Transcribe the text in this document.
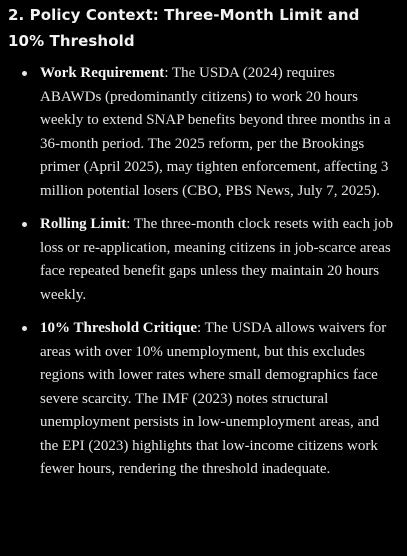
2. Policy Context: Three-Month Limit and 10% Threshold
Work Requirement: The USDA (2024) requires ABAWDs (predominantly citizens) to work 20 hours weekly to extend SNAP benefits beyond three months in a 36-month period. The 2025 reform, per the Brookings primer (April 2025), may tighten enforcement, affecting 3 million potential losers (CBO, PBS News, July 7, 2025).
Rolling Limit: The three-month clock resets with each job loss or re-application, meaning citizens in job-scarce areas face repeated benefit gaps unless they maintain 20 hours weekly.
10% Threshold Critique: The USDA allows waivers for areas with over 10% unemployment, but this excludes regions with lower rates where small demographics face severe scarcity. The IMF (2023) notes structural unemployment persists in low-unemployment areas, and the EPI (2023) highlights that low-income citizens work fewer hours, rendering the threshold inadequate.
